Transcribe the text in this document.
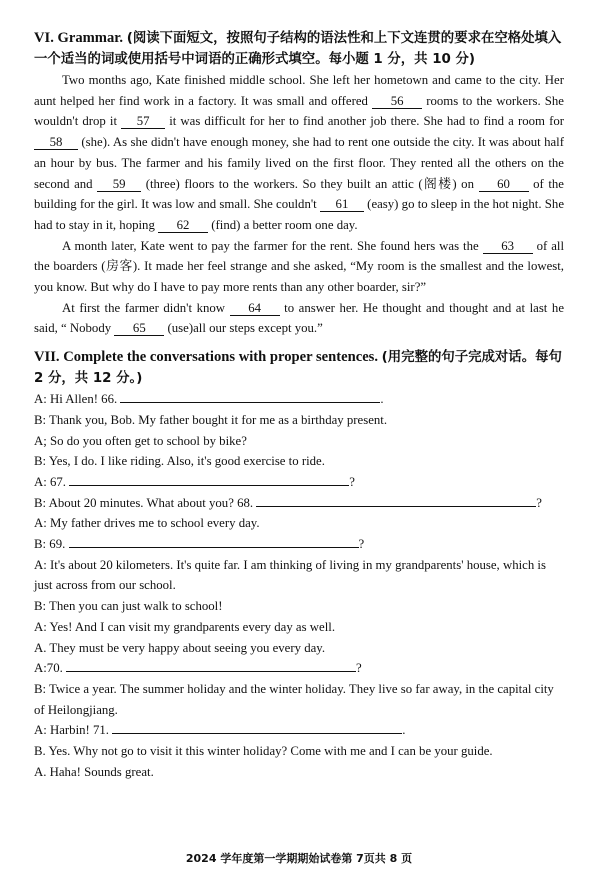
VI. Grammar. (阅读下面短文，按照句子结构的语法性和上下文连贯的要求在空格处填入一个适当的词或使用括号中词语的正确形式填空。每小题 1 分，共 10 分)

Two months ago, Kate finished middle school. She left her hometown and came to the city. Her aunt helped her find work in a factory. It was small and offered 56 rooms to the workers. She wouldn't drop it 57 it was difficult for her to find another job there. She had to find a room for 58 (she). As she didn't have enough money, she had to rent one outside the city. It was about half an hour by bus. The farmer and his family lived on the first floor. They rented all the others on the second and 59 (three) floors to the workers. So they built an attic (阁楼) on 60 of the building for the girl. It was low and small. She couldn't 61 (easy) go to sleep in the hot night. She had to stay in it, hoping 62 (find) a better room one day.

A month later, Kate went to pay the farmer for the rent. She found hers was the 63 of all the boarders (房客). It made her feel strange and she asked, “My room is the smallest and the lowest, you know. But why do I have to pay more rents than any other boarder, sir?”

At first the farmer didn't know 64 to answer her. He thought and thought and at last he said, “ Nobody 65 (use)all our steps except you.”

VII. Complete the conversations with proper sentences. (用完整的句子完成对话。每句 2 分，共 12 分。)

A: Hi Allen! 66.	.

B: Thank you, Bob. My father bought it for me as a birthday present.

A; So do you often get to school by bike?

B: Yes, I do. I like riding. Also, it's good exercise to ride.

A: 67.	?

B: About 20 minutes. What about you? 68.	?

A: My father drives me to school every day.

B: 69.	?

A: It's about 20 kilometers. It's quite far. I am thinking of living in my grandparents' house, which is just across from our school.

B: Then you can just walk to school!

A: Yes! And I can visit my grandparents every day as well.

A. They must be very happy about seeing you every day.

A:70.	?

B: Twice a year. The summer holiday and the winter holiday. They live so far away, in the capital city of Heilongjiang.

A: Harbin! 71.	.

B. Yes. Why not go to visit it this winter holiday? Come with me and I can be your guide.

A. Haha! Sounds great.

2024 学年度第一学期期始试卷第 7页共 8 页
